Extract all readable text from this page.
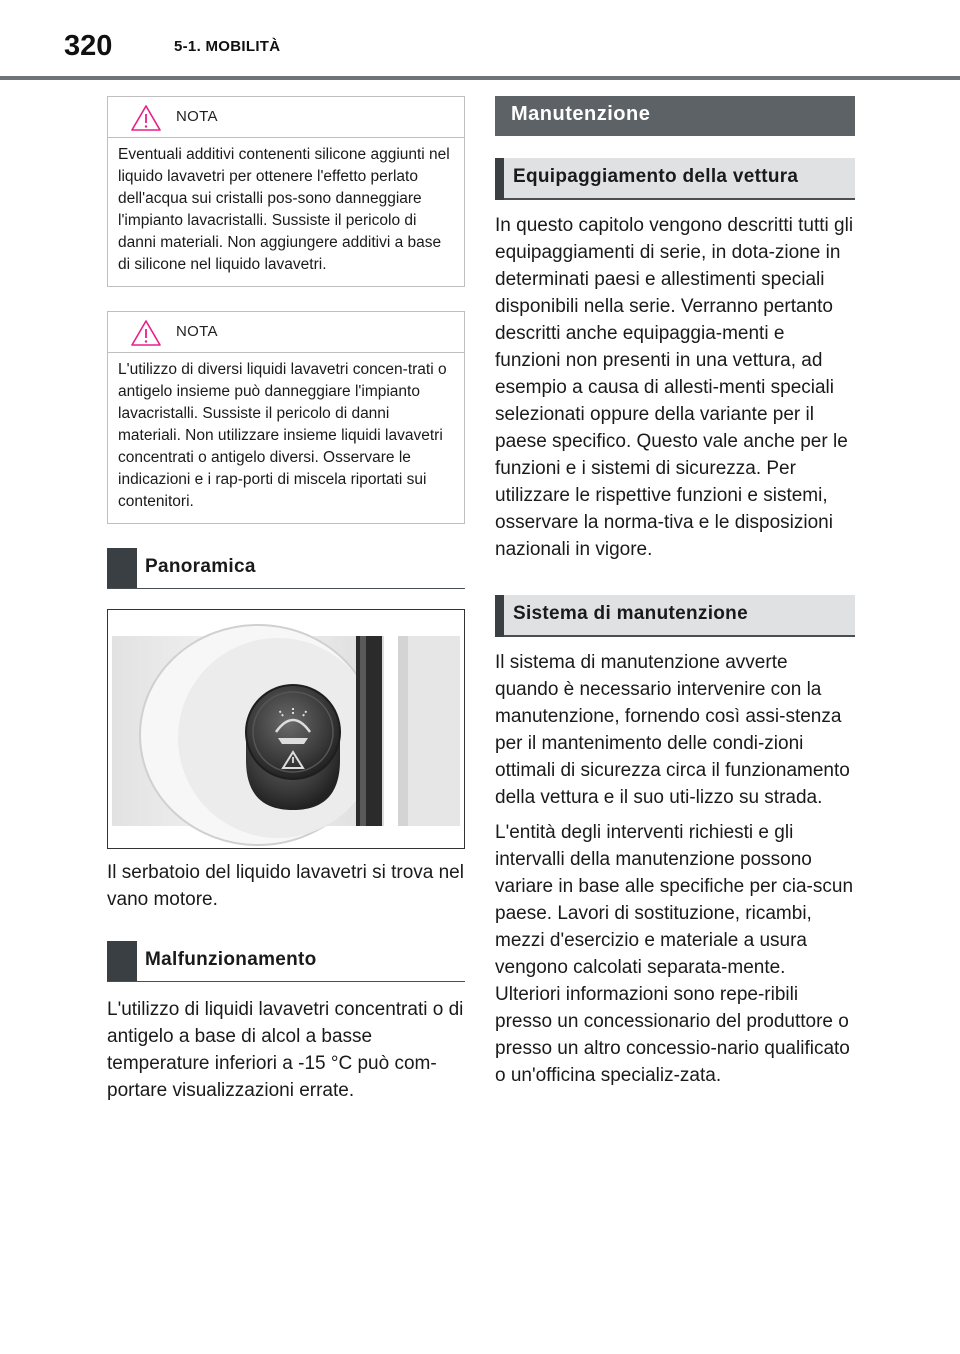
320	5-1. MOBILITÀ
NOTA
Eventuali additivi contenenti silicone aggiunti nel liquido lavavetri per ottenere l'effetto perlato dell'acqua sui cristalli pos-sono danneggiare l'impianto lavacristalli. Sussiste il pericolo di danni materiali. Non aggiungere additivi a base di silicone nel liquido lavavetri.
NOTA
L'utilizzo di diversi liquidi lavavetri concen-trati o antigelo insieme può danneggiare l'impianto lavacristalli. Sussiste il pericolo di danni materiali. Non utilizzare insieme liquidi lavavetri concentrati o antigelo diversi. Osservare le indicazioni e i rap-porti di miscela riportati sui contenitori.
Panoramica

Il serbatoio del liquido lavavetri si trova nel vano motore.

Malfunzionamento

L'utilizzo di liquidi lavavetri concentrati o di antigelo a base di alcol a basse temperature inferiori a -15 °C può com-portare visualizzazioni errate.

Manutenzione
Equipaggiamento della vettura

In questo capitolo vengono descritti tutti gli equipaggiamenti di serie, in dota-zione in determinati paesi e allestimenti speciali disponibili nella serie. Verranno pertanto descritti anche equipaggia-menti e funzioni non presenti in una vettura, ad esempio a causa di allesti-menti speciali selezionati oppure della variante per il paese specifico. Questo vale anche per le funzioni e i sistemi di sicurezza. Per utilizzare le rispettive funzioni e sistemi, osservare la norma-tiva e le disposizioni nazionali in vigore.

Sistema di manutenzione

Il sistema di manutenzione avverte quando è necessario intervenire con la manutenzione, fornendo così assi-stenza per il mantenimento delle condi-zioni ottimali di sicurezza circa il funzionamento della vettura e il suo uti-lizzo su strada.

L'entità degli interventi richiesti e gli intervalli della manutenzione possono variare in base alle specifiche per cia-scun paese. Lavori di sostituzione, ricambi, mezzi d'esercizio e materiale a usura vengono calcolati separata-mente. Ulteriori informazioni sono repe-ribili presso un concessionario del produttore o presso un altro concessio-nario qualificato o un'officina specializ-zata.
